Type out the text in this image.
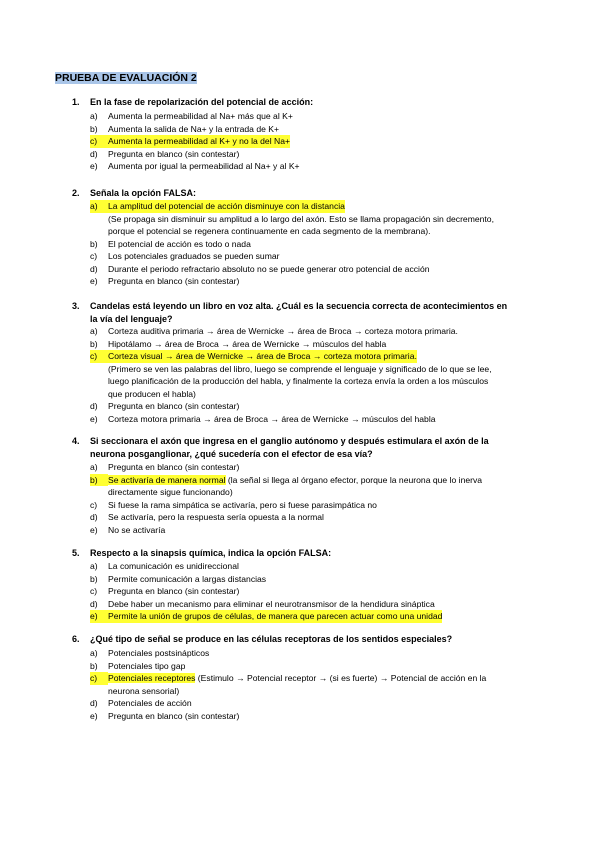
PRUEBA DE EVALUACIÓN 2
1. En la fase de repolarización del potencial de acción:
a)	Aumenta la permeabilidad al Na+ más que al K+
b)	Aumenta la salida de Na+ y la entrada de K+
c)	Aumenta la permeabilidad al K+ y no la del Na+
d)	Pregunta en blanco (sin contestar)
e)	Aumenta por igual la permeabilidad al Na+ y al K+
2. Señala la opción FALSA:
a)	La amplitud del potencial de acción disminuye con la distancia
(Se propaga sin disminuir su amplitud a lo largo del axón. Esto se llama propagación sin decremento,
porque el potencial se regenera continuamente en cada segmento de la membrana).
b)	El potencial de acción es todo o nada
c)	Los potenciales graduados se pueden sumar
d)	Durante el periodo refractario absoluto no se puede generar otro potencial de acción
e)	Pregunta en blanco (sin contestar)
3. Candelas está leyendo un libro en voz alta. ¿Cuál es la secuencia correcta de acontecimientos en
la vía del lenguaje?
a)	Corteza auditiva primaria → área de Wernicke → área de Broca → corteza motora primaria.
b)	Hipotálamo → área de Broca → área de Wernicke → músculos del habla
c)	Corteza visual → área de Wernicke → área de Broca → corteza motora primaria.
(Primero se ven las palabras del libro, luego se comprende el lenguaje y significado de lo que se lee,
luego planificación de la producción del habla, y finalmente la corteza envía la orden a los músculos
que producen el habla)
d)	Pregunta en blanco (sin contestar)
e)	Corteza motora primaria → área de Broca → área de Wernicke → músculos del habla
4. Si seccionara el axón que ingresa en el ganglio autónomo y después estimulara el axón de la
neurona posganglionar, ¿qué sucedería con el efector de esa vía?
a)	Pregunta en blanco (sin contestar)
b)	Se activaría de manera normal (la señal si llega al órgano efector, porque la neurona que lo inerva
directamente sigue funcionando)
c)	Si fuese la rama simpática se activaría, pero si fuese parasimpática no
d)	Se activaría, pero la respuesta sería opuesta a la normal
e)	No se activaría
5. Respecto a la sinapsis química, indica la opción FALSA:
a)	La comunicación es unidireccional
b)	Permite comunicación a largas distancias
c)	Pregunta en blanco (sin contestar)
d)	Debe haber un mecanismo para eliminar el neurotransmisor de la hendidura sináptica
e)	Permite la unión de grupos de células, de manera que parecen actuar como una unidad
6. ¿Qué tipo de señal se produce en las células receptoras de los sentidos especiales?
a)	Potenciales postsinápticos
b)	Potenciales tipo gap
c)	Potenciales receptores (Estimulo → Potencial receptor → (si es fuerte) → Potencial de acción en la
neurona sensorial)
d)	Potenciales de acción
e)	Pregunta en blanco (sin contestar)
